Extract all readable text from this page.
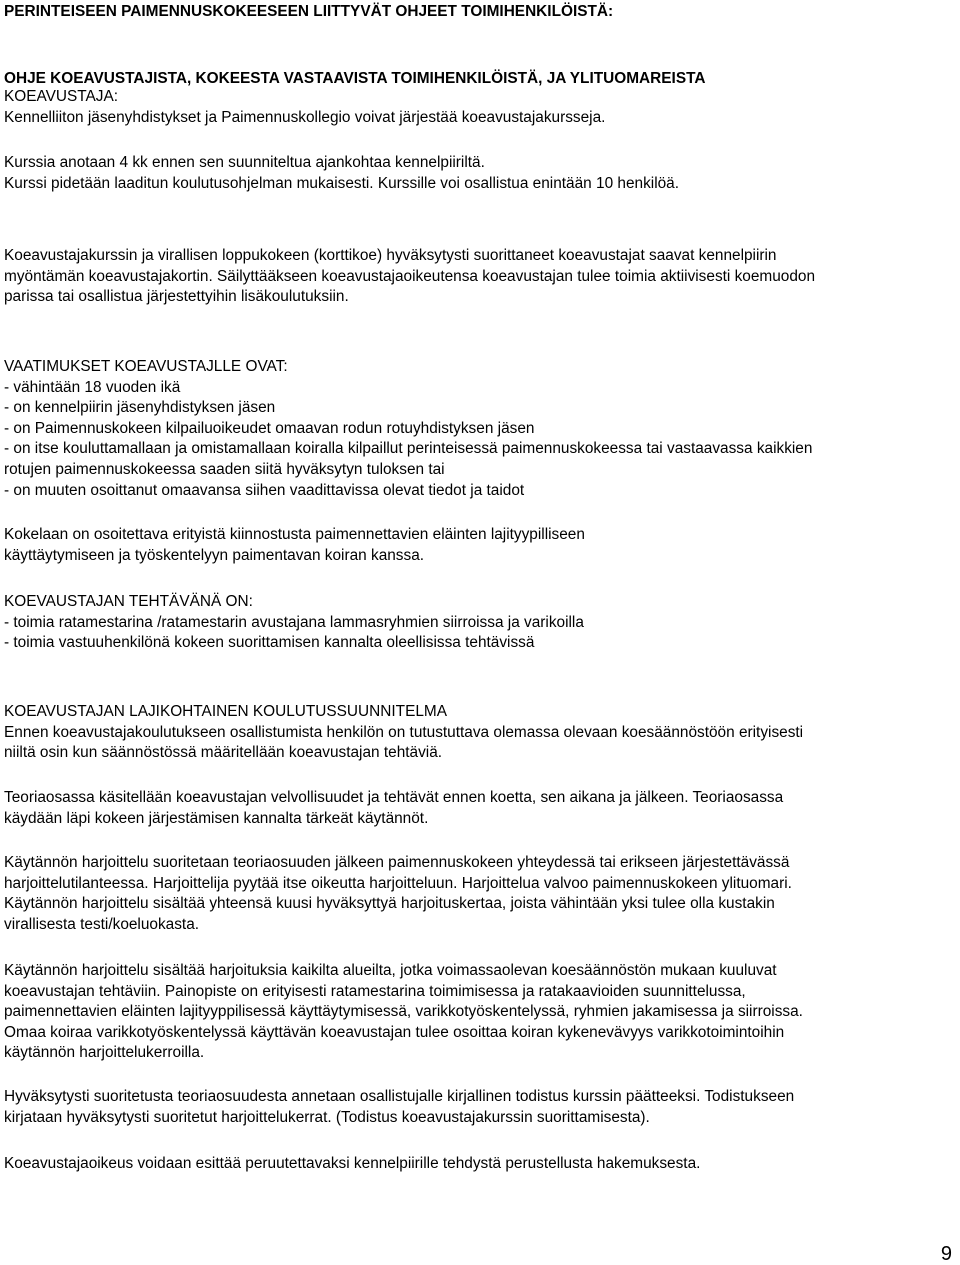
PERINTEISEEN PAIMENNUSKOKEESEEN LIITTYVÄT OHJEET TOIMIHENKILÖISTÄ:
OHJE KOEAVUSTAJISTA, KOKEESTA VASTAAVISTA TOIMIHENKILÖISTÄ, JA YLITUOMAREISTA
KOEAVUSTAJA:
Kennelliiton jäsenyhdistykset ja Paimennuskollegio voivat järjestää koeavustajakursseja.
Kurssia anotaan 4 kk ennen sen suunniteltua ajankohtaa kennelpiiriltä.
Kurssi pidetään laaditun koulutusohjelman mukaisesti. Kurssille voi osallistua enintään 10 henkilöä.
Koeavustajakurssin ja virallisen loppukokeen (korttikoe) hyväksytysti suorittaneet koeavustajat saavat kennelpiirin
myöntämän koeavustajakortin. Säilyttääkseen koeavustajaoikeutensa koeavustajan tulee toimia aktiivisesti koemuodon
parissa tai osallistua järjestettyihin lisäkoulutuksiin.
VAATIMUKSET KOEAVUSTAJLLE OVAT:
- vähintään 18 vuoden ikä
- on kennelpiirin jäsenyhdistyksen jäsen
- on Paimennuskokeen kilpailuoikeudet omaavan rodun rotuyhdistyksen jäsen
- on itse kouluttamallaan ja omistamallaan koiralla kilpaillut perinteisessä paimennuskokeessa tai vastaavassa kaikkien
rotujen paimennuskokeessa saaden siitä hyväksytyn tuloksen tai
- on muuten osoittanut omaavansa siihen vaadittavissa olevat tiedot ja taidot
Kokelaan on osoitettava erityistä kiinnostusta paimennettavien eläinten lajityypilliseen
käyttäytymiseen ja työskentelyyn paimentavan koiran kanssa.
KOEVAUSTAJAN TEHTÄVÄNÄ ON:
- toimia ratamestarina /ratamestarin avustajana lammasryhmien siirroissa ja varikoilla
- toimia vastuuhenkilönä kokeen suorittamisen kannalta oleellisissa tehtävissä
KOEAVUSTAJAN LAJIKOHTAINEN KOULUTUSSUUNNITELMA
Ennen koeavustajakoulutukseen osallistumista henkilön on tutustuttava olemassa olevaan koesäännöstöön erityisesti
niiltä osin kun säännöstössä määritellään koeavustajan tehtäviä.
Teoriaosassa käsitellään koeavustajan velvollisuudet ja tehtävät ennen koetta, sen aikana ja jälkeen. Teoriaosassa
käydään läpi kokeen järjestämisen kannalta tärkeät käytännöt.
Käytännön harjoittelu suoritetaan teoriaosuuden jälkeen paimennuskokeen yhteydessä tai erikseen järjestettävässä
harjoittelutilanteessa. Harjoittelija pyytää itse oikeutta harjoitteluun. Harjoittelua valvoo paimennuskokeen ylituomari.
Käytännön harjoittelu sisältää yhteensä kuusi hyväksyttyä harjoituskertaa, joista vähintään yksi tulee olla kustakin
virallisesta testi/koeluokasta.
Käytännön harjoittelu sisältää harjoituksia kaikilta alueilta, jotka voimassaolevan koesäännöstön mukaan kuuluvat
koeavustajan tehtäviin. Painopiste on erityisesti ratamestarina toimimisessa ja ratakaavioiden suunnittelussa,
paimennettavien eläinten lajityyppilisessä käyttäytymisessä, varikkotyöskentelyssä, ryhmien jakamisessa ja siirroissa.
Omaa koiraa varikkotyöskentelyssä käyttävän koeavustajan tulee osoittaa koiran kykenevävyys varikkotoimintoihin
käytännön harjoittelukerroilla.
Hyväksytysti suoritetusta teoriaosuudesta annetaan osallistujalle kirjallinen todistus kurssin päätteeksi. Todistukseen
kirjataan hyväksytysti suoritetut harjoittelukerrat. (Todistus koeavustajakurssin suorittamisesta).
Koeavustajaoikeus voidaan esittää peruutettavaksi kennelpiirille tehdystä perustellusta hakemuksesta.
9
